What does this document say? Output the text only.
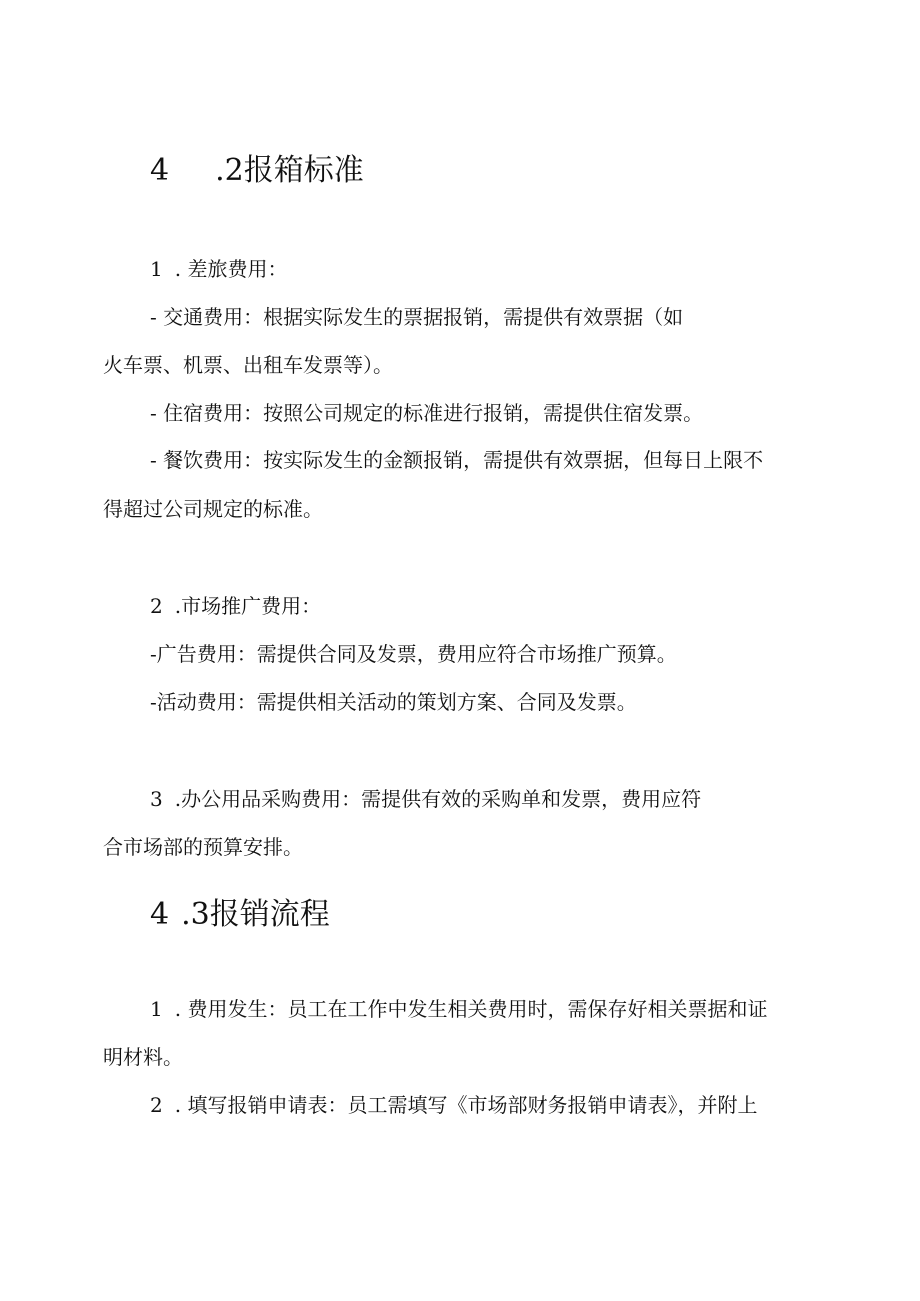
4 .2报箱标准

1 . 差旅费用：

- 交通费用：根据实际发生的票据报销，需提供有效票据（如

火车票、机票、出租车发票等）。

- 住宿费用：按照公司规定的标准进行报销，需提供住宿发票。

- 餐饮费用：按实际发生的金额报销，需提供有效票据，但每日上限不

得超过公司规定的标准。

2 .市场推广费用：

-广告费用：需提供合同及发票，费用应符合市场推广预算。

-活动费用：需提供相关活动的策划方案、合同及发票。

3 .办公用品采购费用：需提供有效的采购单和发票，费用应符

合市场部的预算安排。

4 .3报销流程

1 . 费用发生：员工在工作中发生相关费用时，需保存好相关票据和证

明材料。

2 . 填写报销申请表：员工需填写《市场部财务报销申请表》，并附上
